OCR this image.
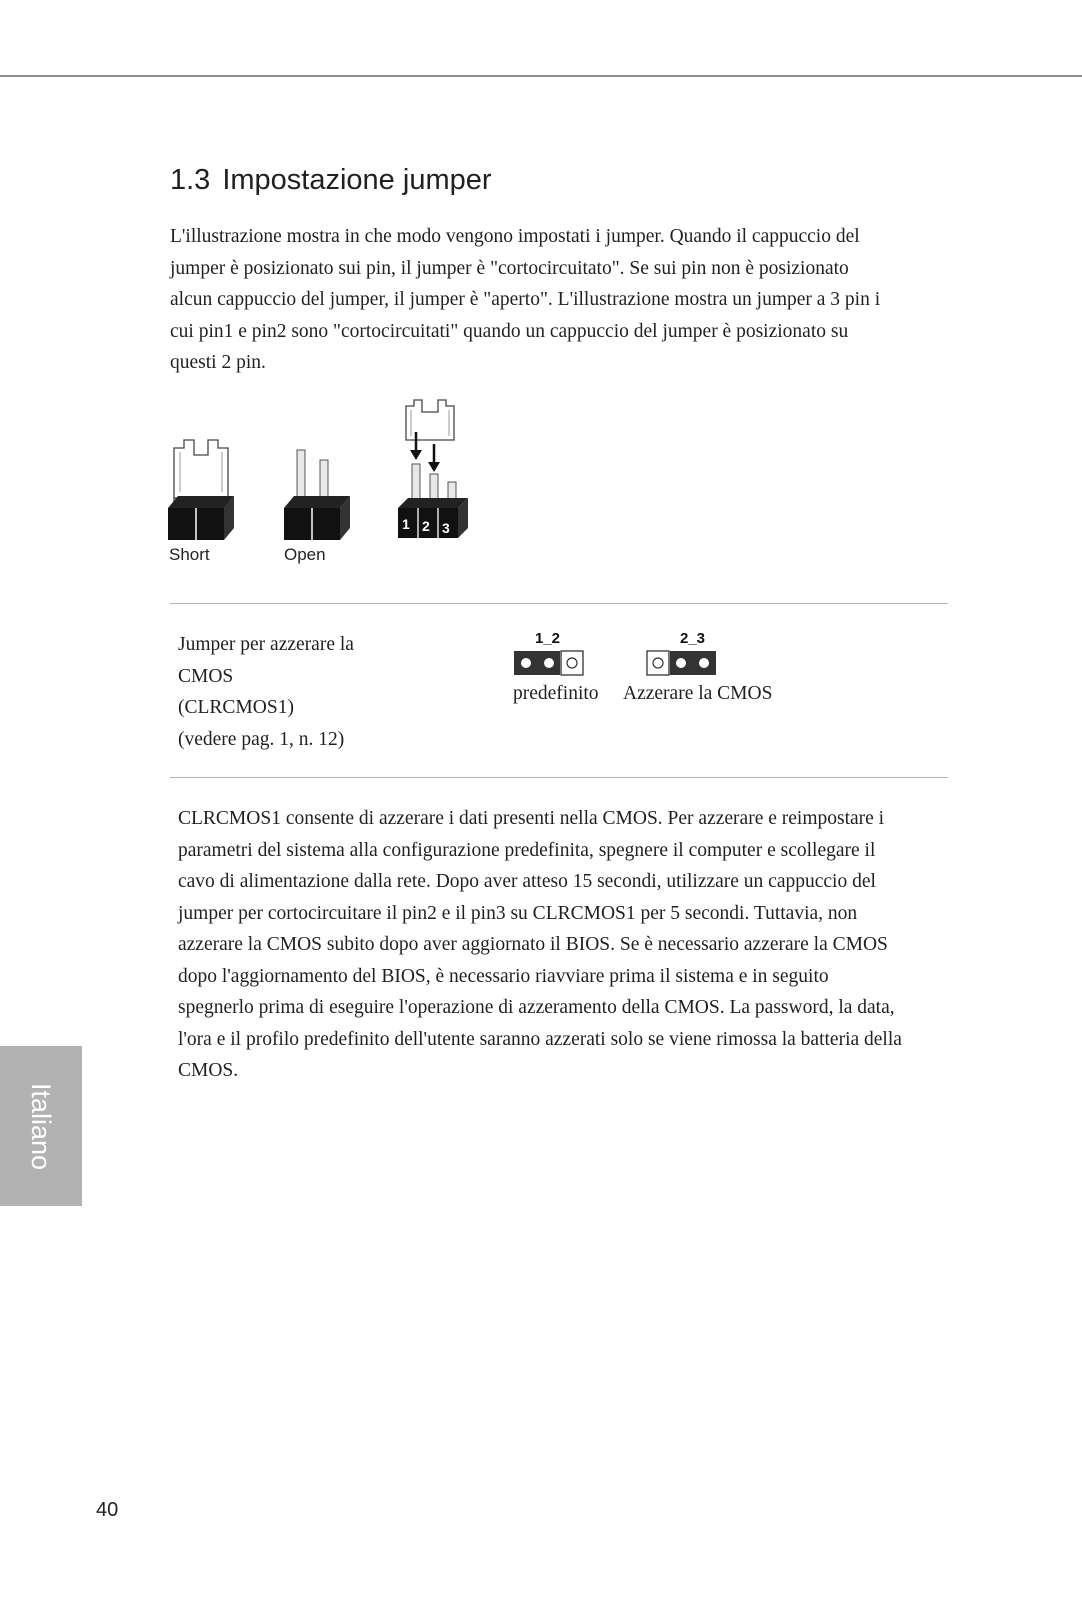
1.3 Impostazione jumper

L'illustrazione mostra in che modo vengono impostati i jumper. Quando il cappuccio del jumper è posizionato sui pin, il jumper è "cortocircuitato". Se sui pin non è posizionato alcun cappuccio del jumper, il jumper è "aperto". L'illustrazione mostra un jumper a 3 pin i cui pin1 e pin2 sono "cortocircuitati" quando un cappuccio del jumper è posizionato su questi 2 pin.

Short	Open
1 2 3
Jumper per azzerare la
CMOS
(CLRCMOS1)
(vedere pag. 1, n. 12)
1_2
predefinito
2_3
Azzerare la CMOS

CLRCMOS1 consente di azzerare i dati presenti nella CMOS. Per azzerare e reimpostare i parametri del sistema alla configurazione predefinita, spegnere il computer e scollegare il cavo di alimentazione dalla rete. Dopo aver atteso 15 secondi, utilizzare un cappuccio del jumper per cortocircuitare il pin2 e il pin3 su CLRCMOS1 per 5 secondi. Tuttavia, non azzerare la CMOS subito dopo aver aggiornato il BIOS. Se è necessario azzerare la CMOS dopo l'aggiornamento del BIOS, è necessario riavviare prima il sistema e in seguito spegnerlo prima di eseguire l'operazione di azzeramento della CMOS. La password, la data, l'ora e il profilo predefinito dell'utente saranno azzerati solo se viene rimossa la batteria della CMOS.

Italiano
40
